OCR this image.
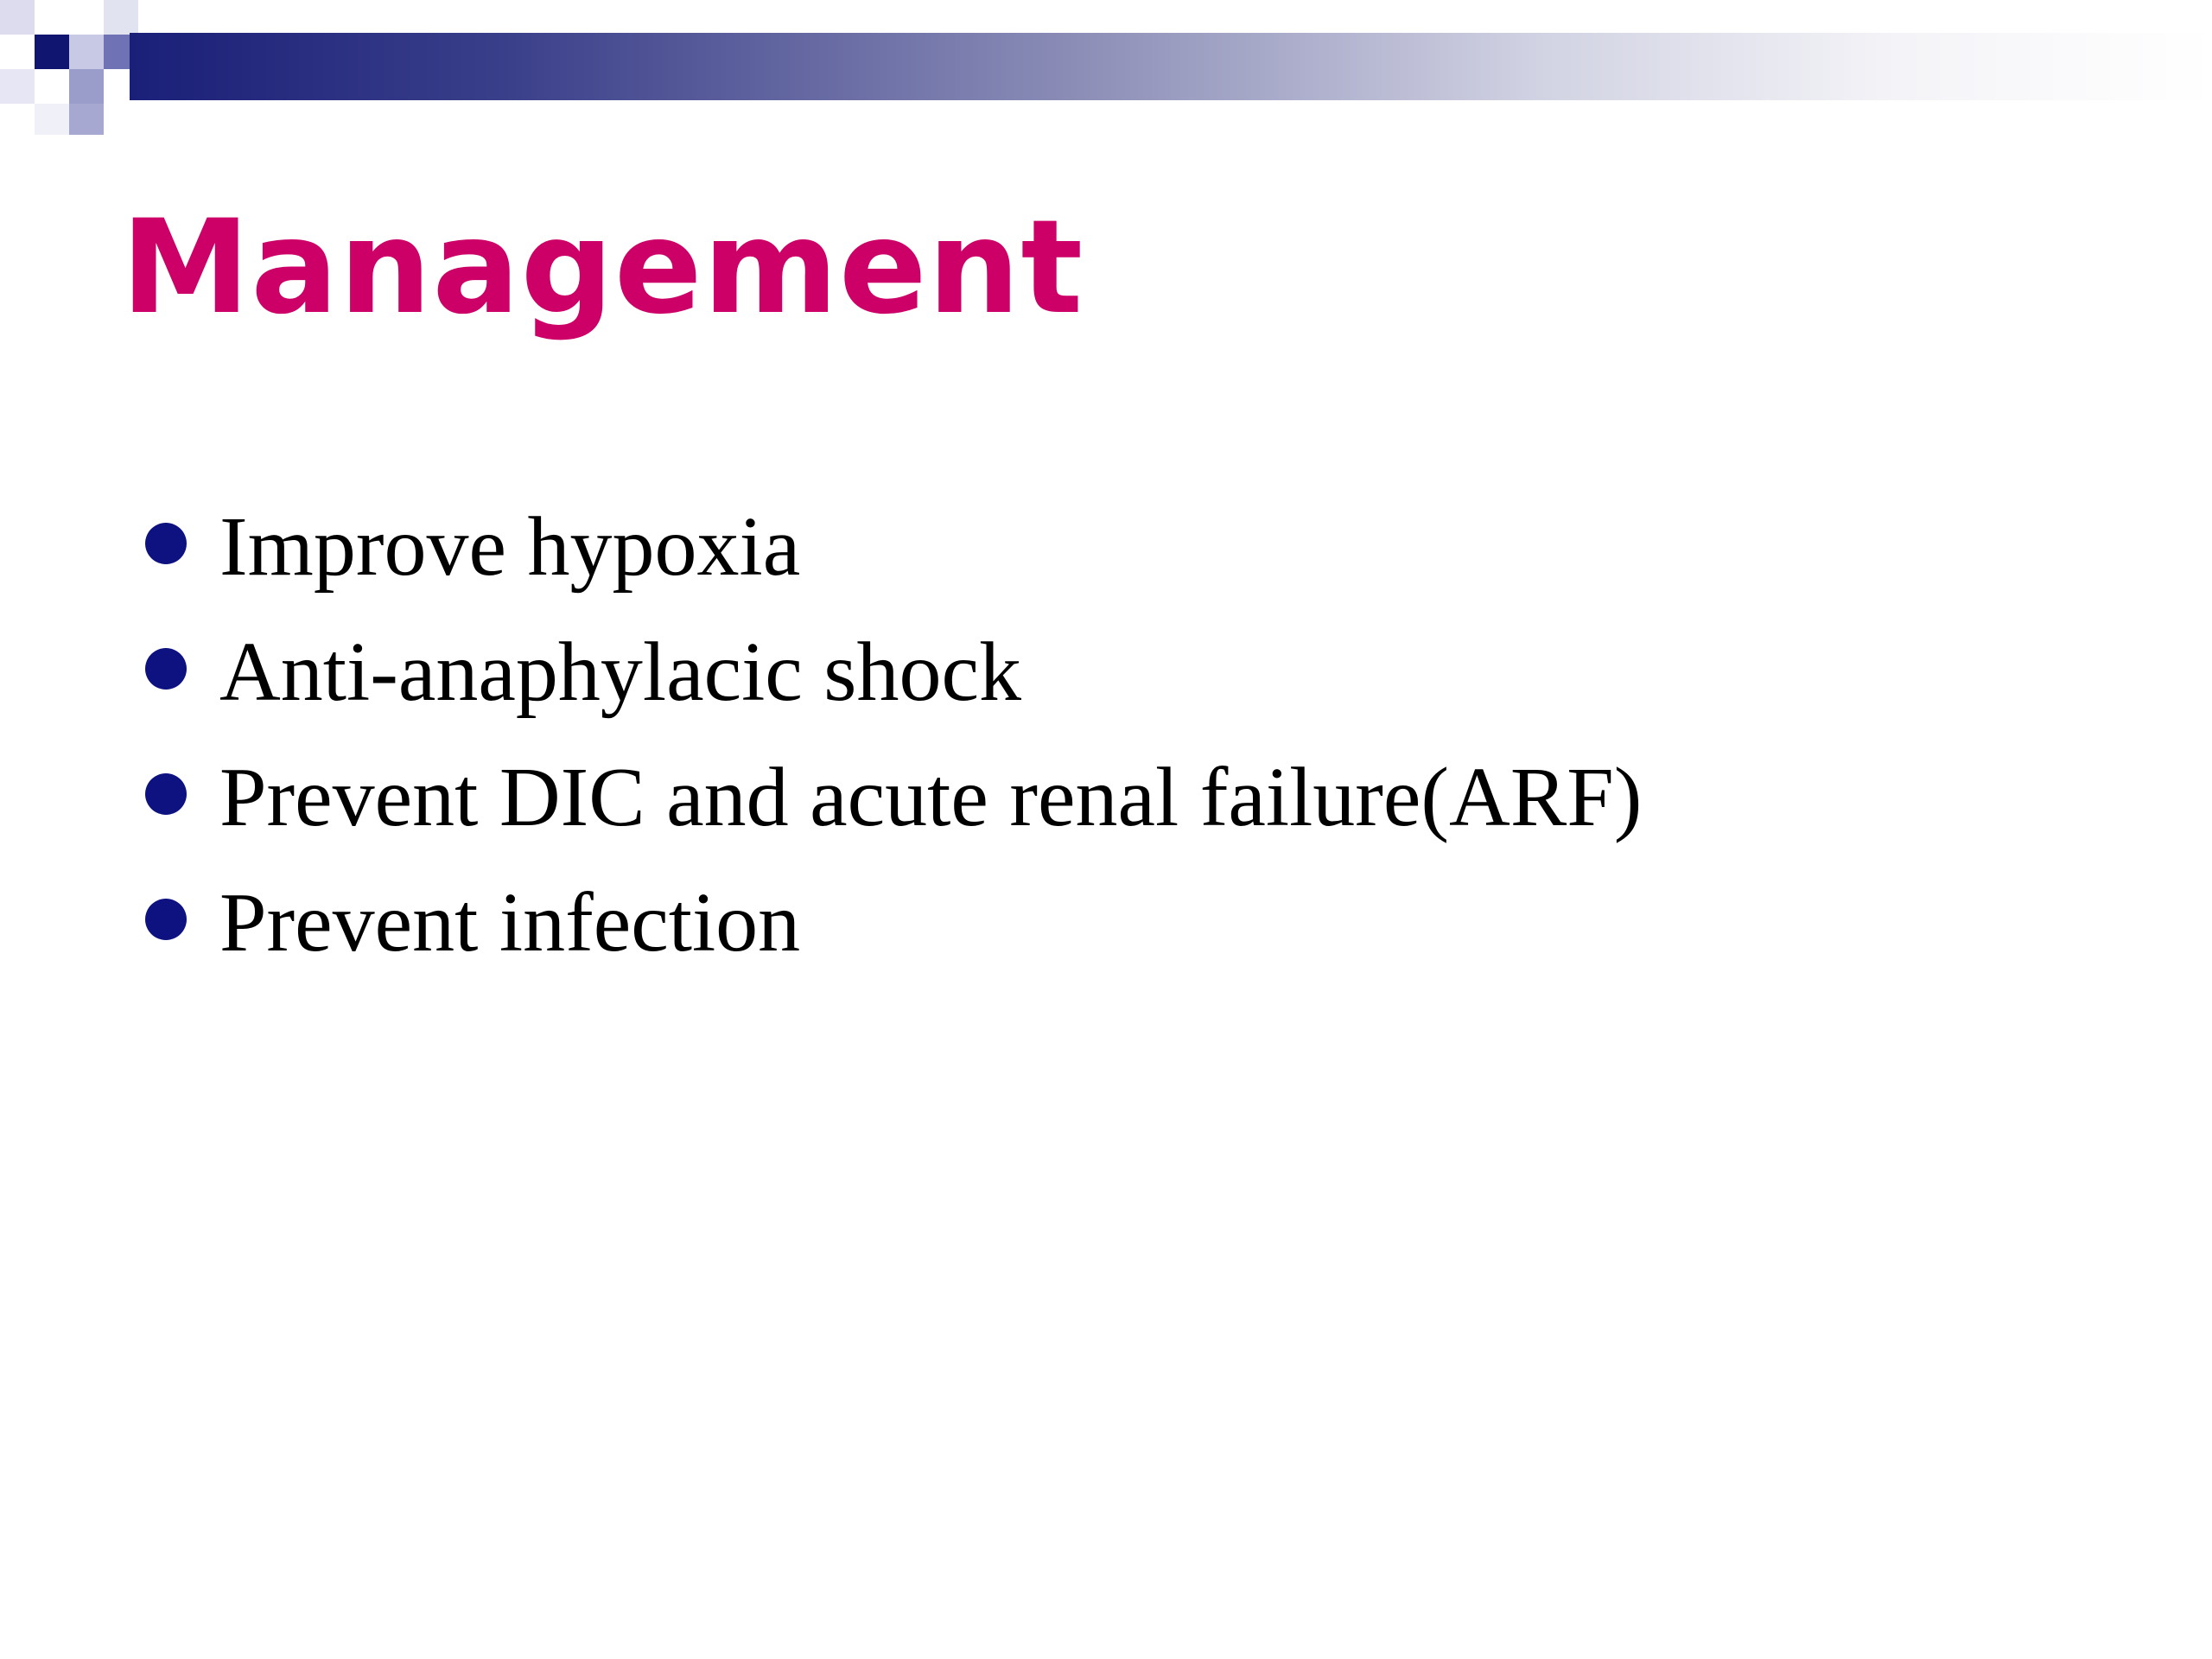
Management
Improve hypoxia
Anti-anaphylacic shock
Prevent DIC and acute renal failure(ARF)
Prevent infection
